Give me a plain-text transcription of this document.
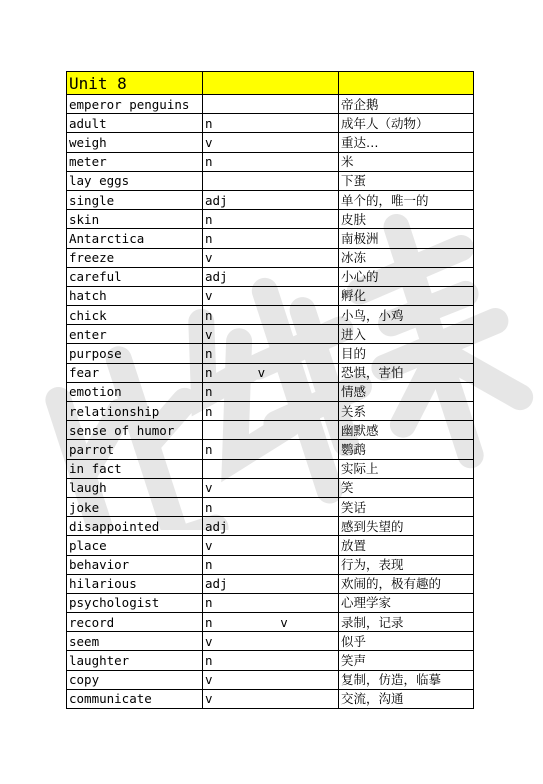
Unit 8		
emperor penguins		帝企鹅
adult	n	成年人（动物）
weigh	v	重达…
meter	n	米
lay eggs		下蛋
single	adj	单个的，唯一的
skin	n	皮肤
Antarctica	n	南极洲
freeze	v	冰冻
careful	adj	小心的
hatch	v	孵化
chick	n	小鸟，小鸡
enter	v	进入
purpose	n	目的
fear	n      v	恐惧，害怕
emotion	n	情感
relationship	n	关系
sense of humor		幽默感
parrot	n	鹦鹉
in fact		实际上
laugh	v	笑
joke	n	笑话
disappointed	adj	感到失望的
place	v	放置
behavior	n	行为，表现
hilarious	adj	欢闹的，极有趣的
psychologist	n	心理学家
record	n         v	录制，记录
seem	v	似乎
laughter	n	笑声
copy	v	复制，仿造，临摹
communicate	v	交流，沟通
